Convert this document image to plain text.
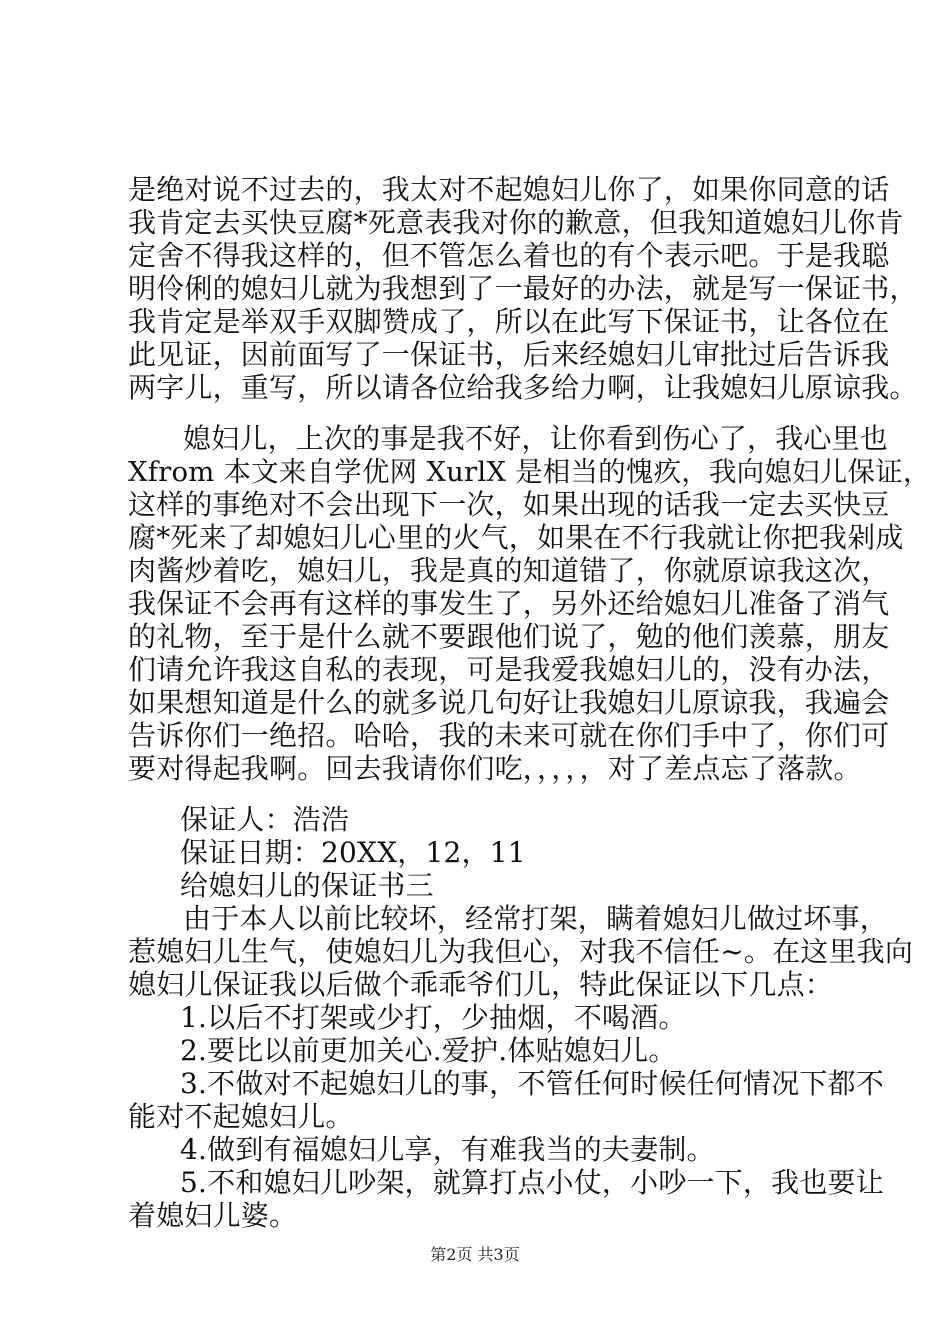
是绝对说不过去的，我太对不起媳妇儿你了，如果你同意的话
我肯定去买快豆腐*死意表我对你的歉意，但我知道媳妇儿你肯
定舍不得我这样的，但不管怎么着也的有个表示吧。于是我聪
明伶俐的媳妇儿就为我想到了一最好的办法，就是写一保证书，
我肯定是举双手双脚赞成了，所以在此写下保证书，让各位在
此见证，因前面写了一保证书，后来经媳妇儿审批过后告诉我
两字儿，重写，所以请各位给我多给力啊，让我媳妇儿原谅我。
媳妇儿，上次的事是我不好，让你看到伤心了，我心里也
Xfrom 本文来自学优网 XurlX 是相当的愧疚，我向媳妇儿保证，
这样的事绝对不会出现下一次，如果出现的话我一定去买快豆
腐*死来了却媳妇儿心里的火气，如果在不行我就让你把我剁成
肉酱炒着吃，媳妇儿，我是真的知道错了，你就原谅我这次，
我保证不会再有这样的事发生了，另外还给媳妇儿准备了消气
的礼物，至于是什么就不要跟他们说了，勉的他们羡慕，朋友
们请允许我这自私的表现，可是我爱我媳妇儿的，没有办法，
如果想知道是什么的就多说几句好让我媳妇儿原谅我，我遍会
告诉你们一绝招。哈哈，我的未来可就在你们手中了，你们可
要对得起我啊。回去我请你们吃，，，，，对了差点忘了落款。
保证人：浩浩
保证日期：20XX，12，11
给媳妇儿的保证书三
由于本人以前比较坏，经常打架，瞒着媳妇儿做过坏事，
惹媳妇儿生气，使媳妇儿为我但心，对我不信任~。在这里我向
媳妇儿保证我以后做个乖乖爷们儿，特此保证以下几点：
1.以后不打架或少打，少抽烟，不喝酒。
2.要比以前更加关心.爱护.体贴媳妇儿。
3.不做对不起媳妇儿的事，不管任何时候任何情况下都不
能对不起媳妇儿。
4.做到有福媳妇儿享，有难我当的夫妻制。
5.不和媳妇儿吵架，就算打点小仗，小吵一下，我也要让
着媳妇儿婆。
第2页 共3页
